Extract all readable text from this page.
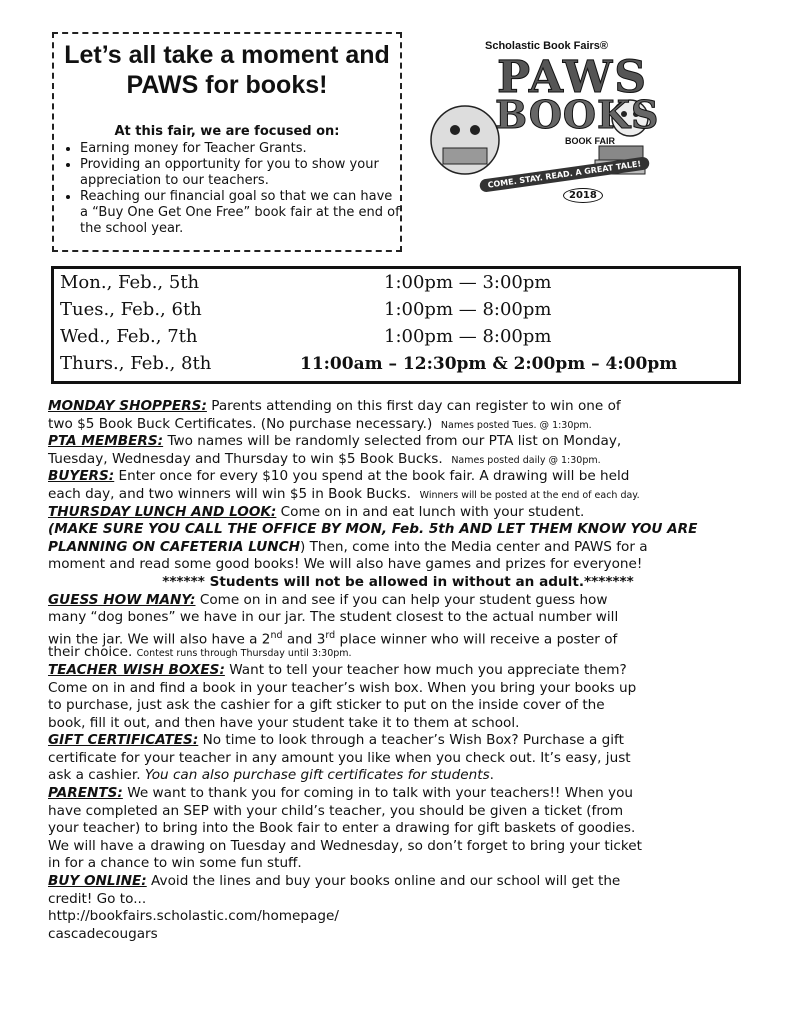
Let’s all take a moment and PAWS for books!
At this fair, we are focused on:
• Earning money for Teacher Grants.
• Providing an opportunity for you to show your appreciation to our teachers.
• Reaching our financial goal so that we can have a “Buy One Get One Free” book fair at the end of the school year.
Scholastic Book Fairs®
PAWS
BOOKS
BOOK FAIR
COME. STAY. READ. A GREAT TALE!
2018
Mon., Feb., 5th	1:00pm — 3:00pm
Tues., Feb., 6th	1:00pm — 8:00pm
Wed., Feb., 7th	1:00pm — 8:00pm
Thurs., Feb., 8th	11:00am – 12:30pm & 2:00pm – 4:00pm
MONDAY SHOPPERS: Parents attending on this first day can register to win one of
two $5 Book Buck Certificates. (No purchase necessary.) Names posted Tues. @ 1:30pm.
PTA MEMBERS: Two names will be randomly selected from our PTA list on Monday,
Tuesday, Wednesday and Thursday to win $5 Book Bucks. Names posted daily @ 1:30pm.
BUYERS: Enter once for every $10 you spend at the book fair. A drawing will be held
each day, and two winners will win $5 in Book Bucks. Winners will be posted at the end of each day.
THURSDAY LUNCH AND LOOK: Come on in and eat lunch with your student.
(MAKE SURE YOU CALL THE OFFICE BY MON, Feb. 5th AND LET THEM KNOW YOU ARE
PLANNING ON CAFETERIA LUNCH) Then, come into the Media center and PAWS for a
moment and read some good books! We will also have games and prizes for everyone!
****** Students will not be allowed in without an adult.*******
GUESS HOW MANY: Come on in and see if you can help your student guess how
many “dog bones” we have in our jar. The student closest to the actual number will
win the jar. We will also have a 2nd and 3rd place winner who will receive a poster of
their choice. Contest runs through Thursday until 3:30pm.
TEACHER WISH BOXES: Want to tell your teacher how much you appreciate them?
Come on in and find a book in your teacher’s wish box. When you bring your books up
to purchase, just ask the cashier for a gift sticker to put on the inside cover of the
book, fill it out, and then have your student take it to them at school.
GIFT CERTIFICATES: No time to look through a teacher’s Wish Box? Purchase a gift
certificate for your teacher in any amount you like when you check out. It’s easy, just
ask a cashier. You can also purchase gift certificates for students.
PARENTS: We want to thank you for coming in to talk with your teachers!! When you
have completed an SEP with your child’s teacher, you should be given a ticket (from
your teacher) to bring into the Book fair to enter a drawing for gift baskets of goodies.
We will have a drawing on Tuesday and Wednesday, so don’t forget to bring your ticket
in for a chance to win some fun stuff.
BUY ONLINE: Avoid the lines and buy your books online and our school will get the
credit! Go to...
http://bookfairs.scholastic.com/homepage/
cascadecougars
